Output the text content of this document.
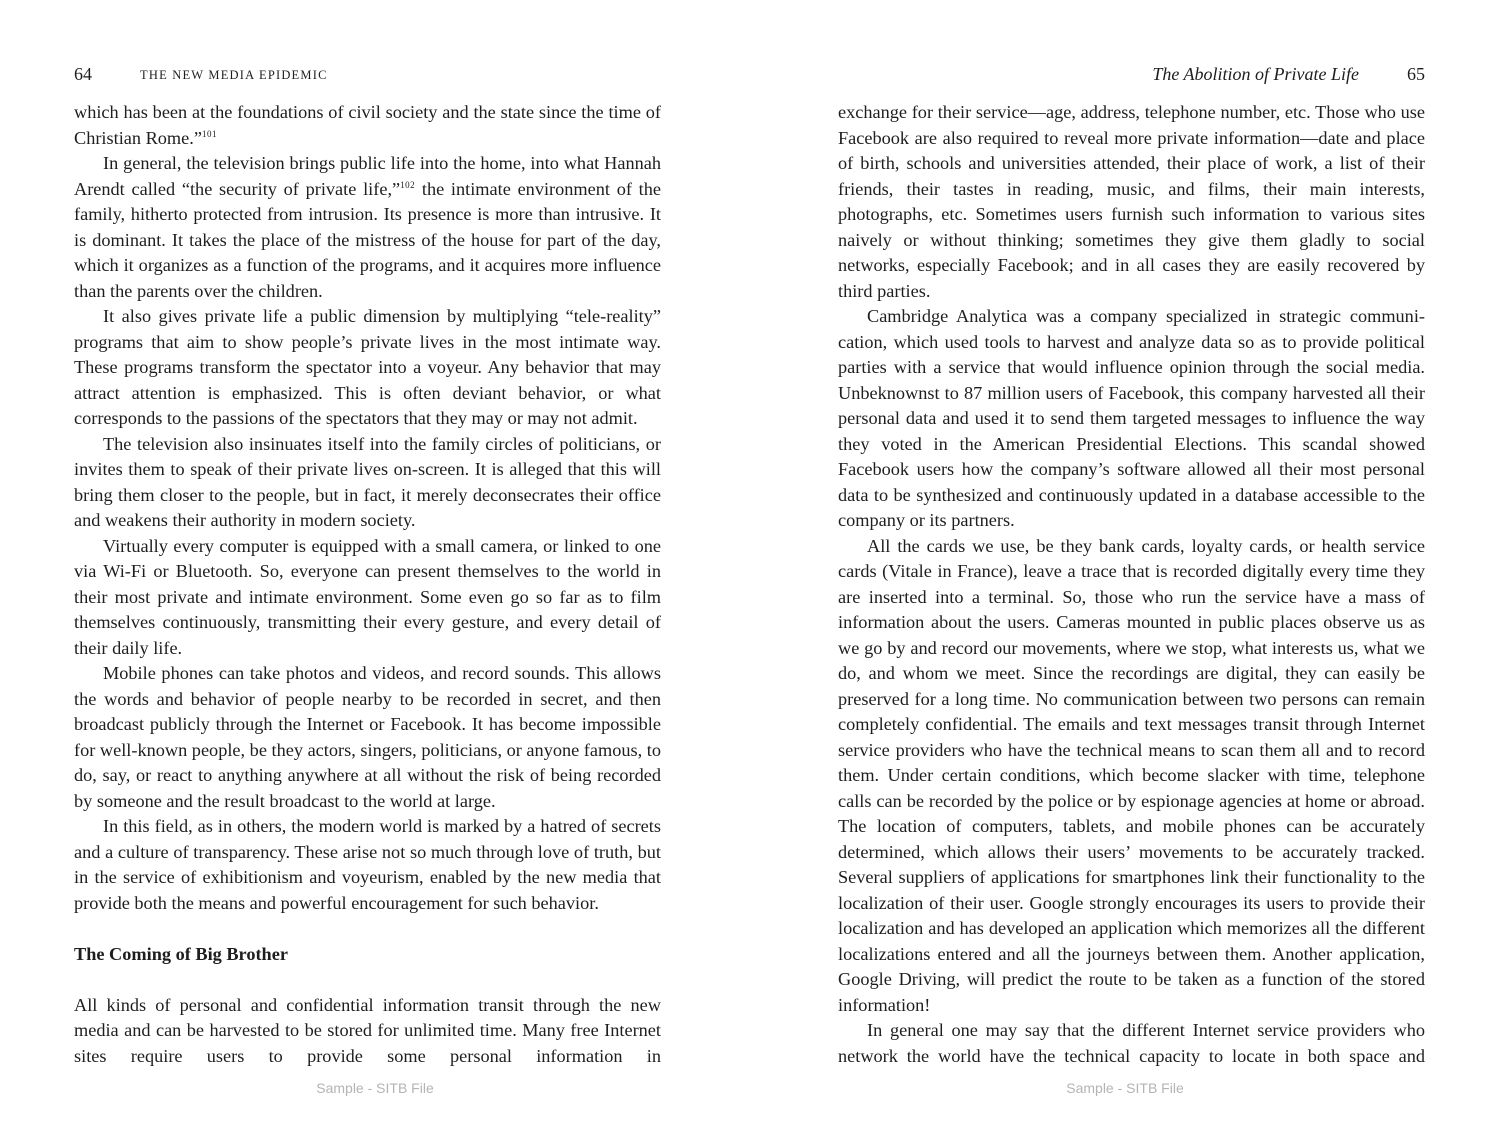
64	THE NEW MEDIA EPIDEMIC

which has been at the foundations of civil society and the state since the time of Christian Rome.”$^{101}$

In general, the television brings public life into the home, into what Hannah Arendt called “the security of private life,”$^{102}$ the intimate environment of the family, hitherto protected from intrusion. Its presence is more than intrusive. It is dominant. It takes the place of the mistress of the house for part of the day, which it organizes as a function of the programs, and it acquires more influence than the parents over the children.

It also gives private life a public dimension by multiplying “tele-reality” programs that aim to show people’s private lives in the most intimate way. These programs transform the spectator into a voyeur. Any behavior that may attract attention is emphasized. This is often deviant behavior, or what corresponds to the passions of the spectators that they may or may not admit.

The television also insinuates itself into the family circles of politicians, or invites them to speak of their private lives on-screen. It is alleged that this will bring them closer to the people, but in fact, it merely deconsecrates their office and weakens their authority in modern society.

Virtually every computer is equipped with a small camera, or linked to one via Wi-Fi or Bluetooth. So, everyone can present themselves to the world in their most private and intimate environment. Some even go so far as to film themselves continuously, transmitting their every gesture, and every detail of their daily life.

Mobile phones can take photos and videos, and record sounds. This allows the words and behavior of people nearby to be recorded in secret, and then broadcast publicly through the Internet or Facebook. It has become impossible for well-known people, be they actors, singers, politicians, or anyone famous, to do, say, or react to anything anywhere at all without the risk of being recorded by someone and the result broadcast to the world at large.

In this field, as in others, the modern world is marked by a hatred of secrets and a culture of transparency. These arise not so much through love of truth, but in the service of exhibitionism and voyeurism, enabled by the new media that provide both the means and powerful encouragement for such behavior.

The Coming of Big Brother

All kinds of personal and confidential information transit through the new media and can be harvested to be stored for unlimited time. Many free Internet sites require users to provide some personal information in

Sample - SITB File
The Abolition of Private Life	65

exchange for their service—age, address, telephone number, etc. Those who use Facebook are also required to reveal more private information—date and place of birth, schools and universities attended, their place of work, a list of their friends, their tastes in reading, music, and films, their main interests, photographs, etc. Sometimes users furnish such information to various sites naively or without thinking; sometimes they give them gladly to social networks, especially Facebook; and in all cases they are easily recovered by third parties.

Cambridge Analytica was a company specialized in strategic communication, which used tools to harvest and analyze data so as to provide political parties with a service that would influence opinion through the social media. Unbeknownst to 87 million users of Facebook, this company harvested all their personal data and used it to send them targeted messages to influence the way they voted in the American Presidential Elections. This scandal showed Facebook users how the company’s software allowed all their most personal data to be synthesized and continuously updated in a database accessible to the company or its partners.

All the cards we use, be they bank cards, loyalty cards, or health service cards (Vitale in France), leave a trace that is recorded digitally every time they are inserted into a terminal. So, those who run the service have a mass of information about the users. Cameras mounted in public places observe us as we go by and record our movements, where we stop, what interests us, what we do, and whom we meet. Since the recordings are digital, they can easily be preserved for a long time. No communication between two persons can remain completely confidential. The emails and text messages transit through Internet service providers who have the technical means to scan them all and to record them. Under certain conditions, which become slacker with time, telephone calls can be recorded by the police or by espionage agencies at home or abroad. The location of computers, tablets, and mobile phones can be accurately determined, which allows their users’ movements to be accurately tracked. Several suppliers of applications for smartphones link their functionality to the localization of their user. Google strongly encourages its users to provide their localization and has developed an application which memorizes all the different localizations entered and all the journeys between them. Another application, Google Driving, will predict the route to be taken as a function of the stored information!

In general one may say that the different Internet service providers who network the world have the technical capacity to locate in both space and

Sample - SITB File
